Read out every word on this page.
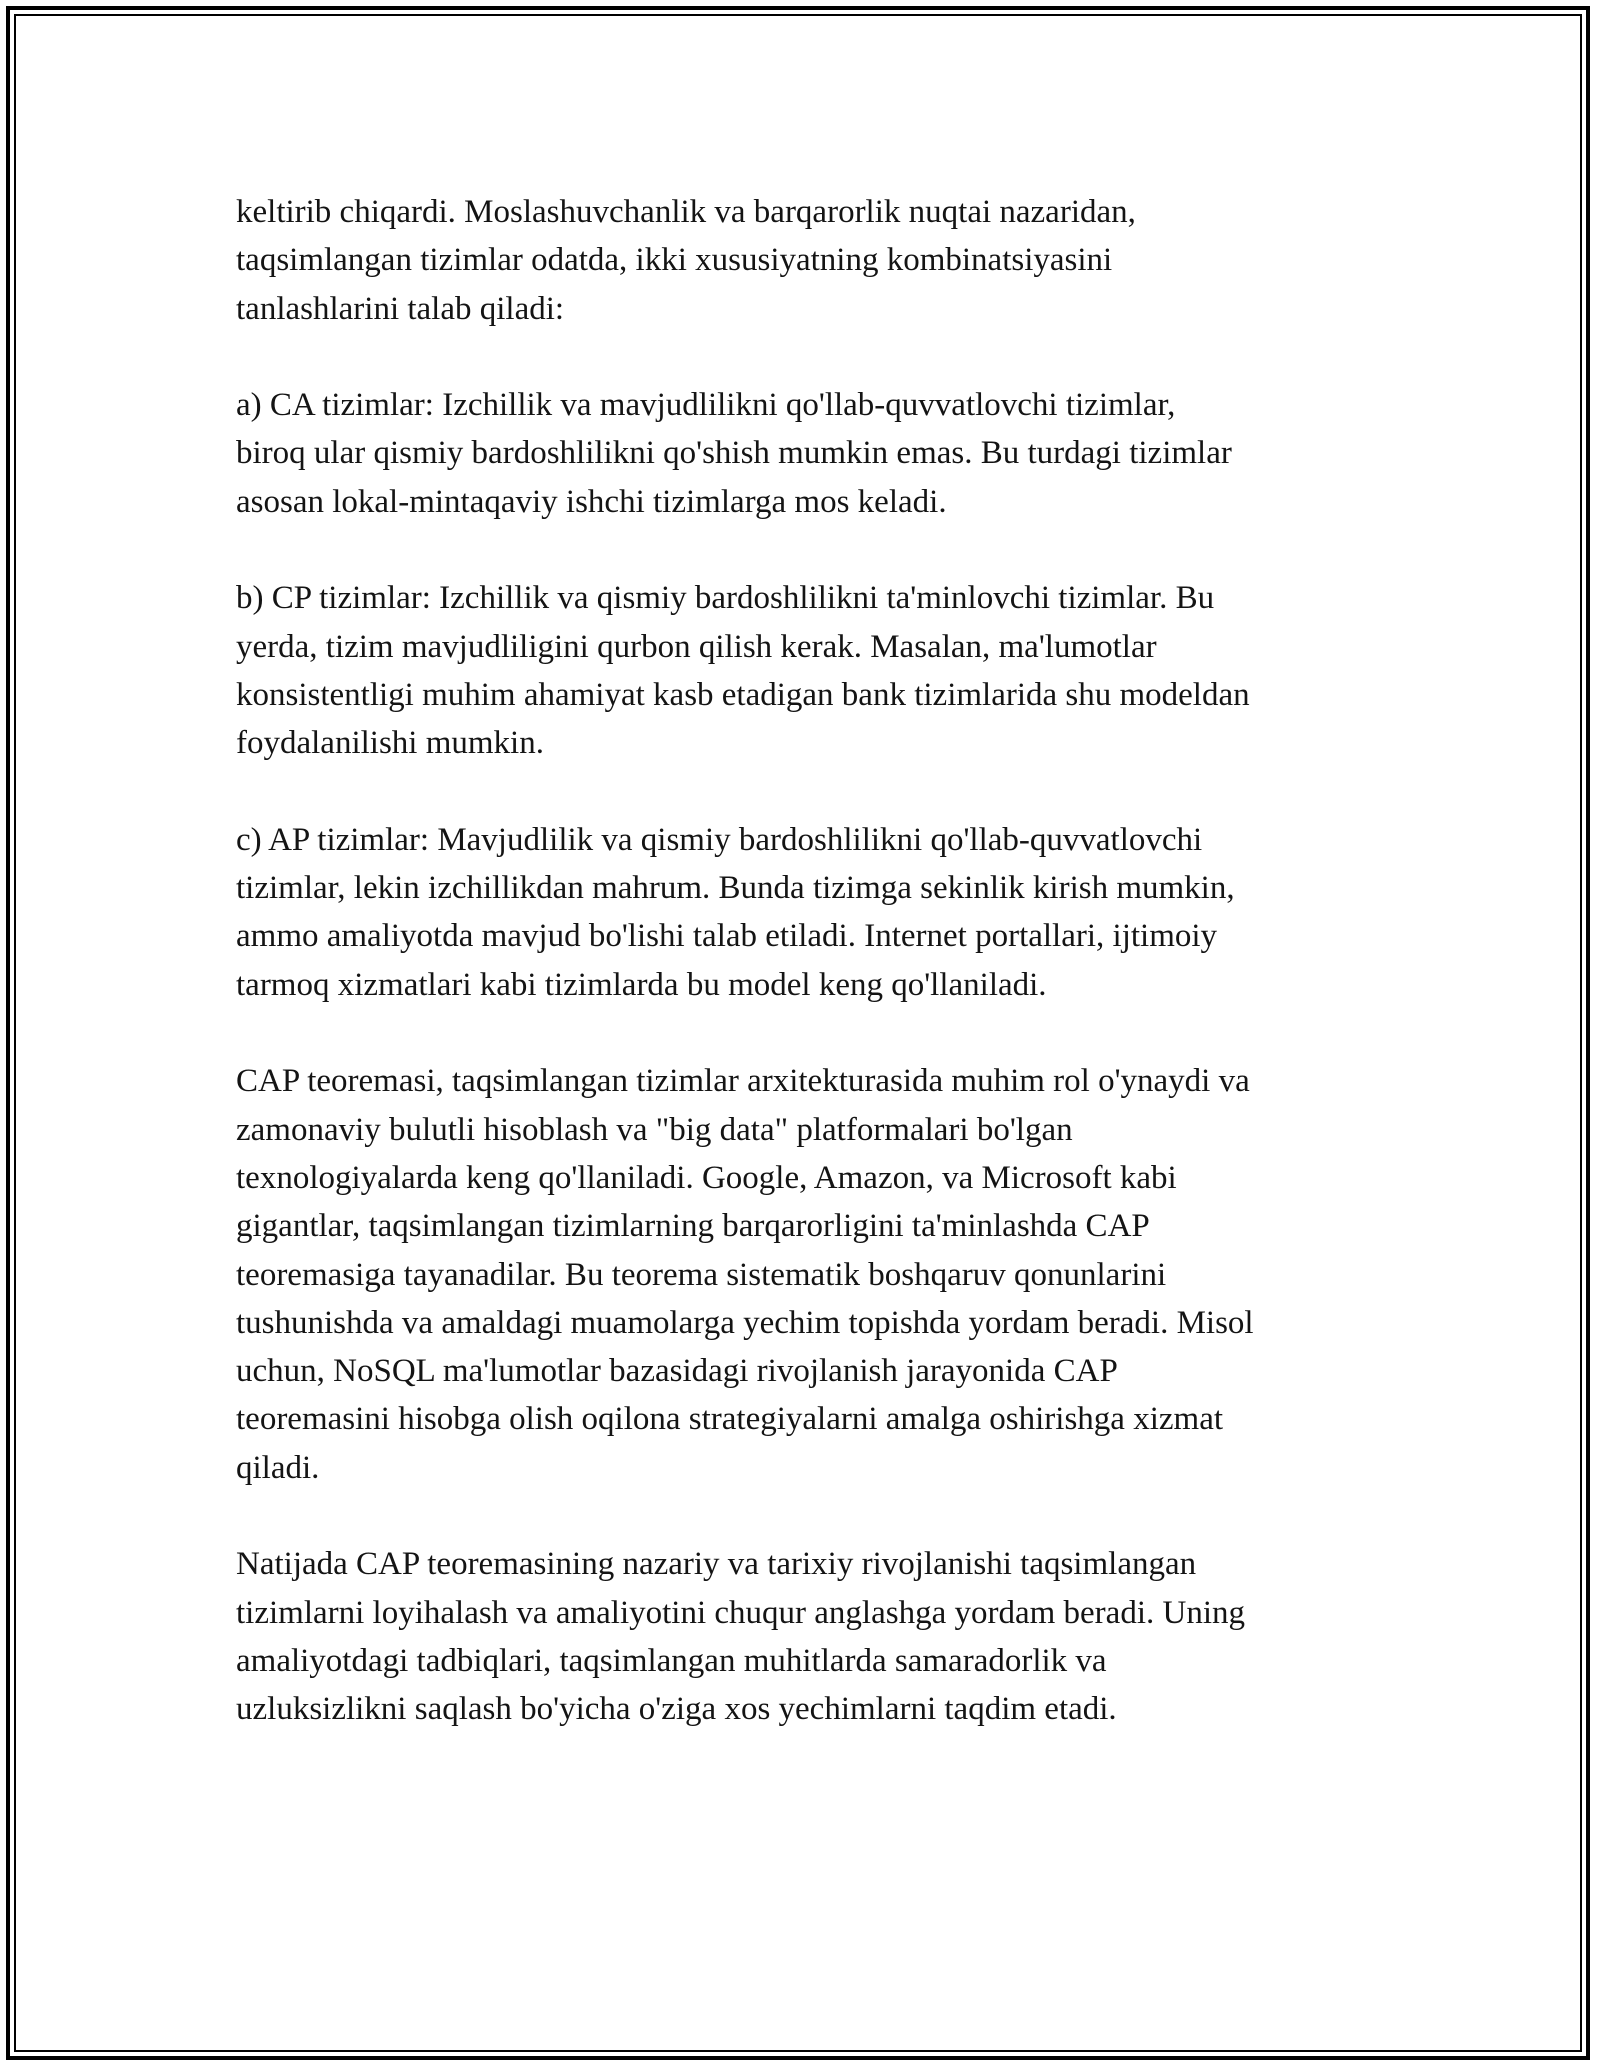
keltirib chiqardi. Moslashuvchanlik va barqarorlik nuqtai nazaridan,
taqsimlangan tizimlar odatda, ikki xususiyatning kombinatsiyasini
tanlashlarini talab qiladi:

a) CA tizimlar: Izchillik va mavjudlilikni qo'llab-quvvatlovchi tizimlar,
biroq ular qismiy bardoshlilikni qo'shish mumkin emas. Bu turdagi tizimlar
asosan lokal-mintaqaviy ishchi tizimlarga mos keladi.

b) CP tizimlar: Izchillik va qismiy bardoshlilikni ta'minlovchi tizimlar. Bu
yerda, tizim mavjudliligini qurbon qilish kerak. Masalan, ma'lumotlar
konsistentligi muhim ahamiyat kasb etadigan bank tizimlarida shu modeldan
foydalanilishi mumkin.

c) AP tizimlar: Mavjudlilik va qismiy bardoshlilikni qo'llab-quvvatlovchi
tizimlar, lekin izchillikdan mahrum. Bunda tizimga sekinlik kirish mumkin,
ammo amaliyotda mavjud bo'lishi talab etiladi. Internet portallari, ijtimoiy
tarmoq xizmatlari kabi tizimlarda bu model keng qo'llaniladi.

CAP teoremasi, taqsimlangan tizimlar arxitekturasida muhim rol o'ynaydi va
zamonaviy bulutli hisoblash va "big data" platformalari bo'lgan
texnologiyalarda keng qo'llaniladi. Google, Amazon, va Microsoft kabi
gigantlar, taqsimlangan tizimlarning barqarorligini ta'minlashda CAP
teoremasiga tayanadilar. Bu teorema sistematik boshqaruv qonunlarini
tushunishda va amaldagi muamolarga yechim topishda yordam beradi. Misol
uchun, NoSQL ma'lumotlar bazasidagi rivojlanish jarayonida CAP
teoremasini hisobga olish oqilona strategiyalarni amalga oshirishga xizmat
qiladi.

Natijada CAP teoremasining nazariy va tarixiy rivojlanishi taqsimlangan
tizimlarni loyihalash va amaliyotini chuqur anglashga yordam beradi. Uning
amaliyotdagi tadbiqlari, taqsimlangan muhitlarda samaradorlik va
uzluksizlikni saqlash bo'yicha o'ziga xos yechimlarni taqdim etadi.
